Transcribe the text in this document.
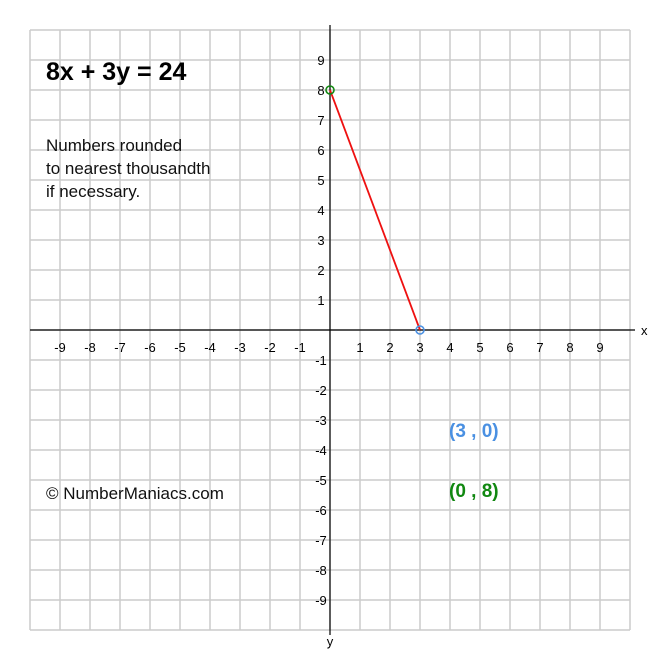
x
y
-9 -8 -7 -6 -5 -4 -3 -2 -1	1 2 3 4 5 6 7 8 9
-9
-8
-7
-6
-5
-4
-3
-2
-1
1
2
3
4
5
6
7
8
9
8x + 3y = 24
Numbers rounded
to nearest thousandth
if necessary.
© NumberManiacs.com
(3 , 0)
(0 , 8)
